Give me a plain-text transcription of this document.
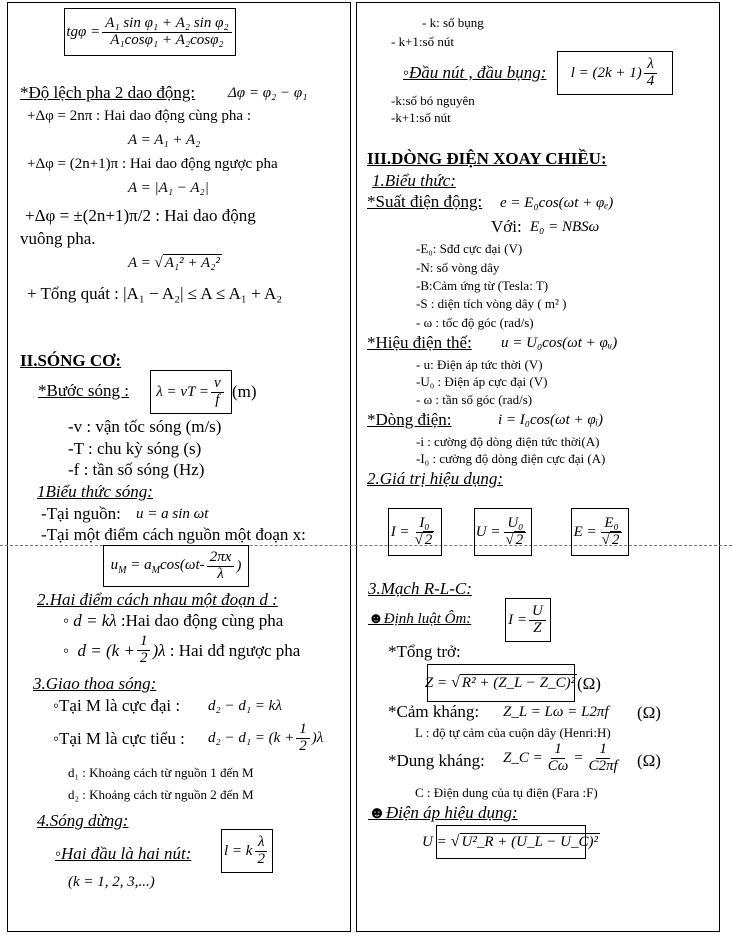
$tg\varphi = \frac{\text{A₁ sin φ₁ + A₂ sin φ₂}}{\text{A₁cosφ₁ + A₂cosφ₂}}$
*Độ lệch pha 2 dao động: Δφ = φ₂ − φ₁
+Δφ = 2nπ : Hai dao động cùng pha :
A = A₁ + A₂
+Δφ = (2n+1)π : Hai dao động ngược pha
A = |A₁ − A₂|
+Δφ = ±(2n+1)π/2 : Hai dao động
vuông pha.
A = √ A₁² + A₂²
+ Tổng quát : |A₁ − A₂| ≤ A ≤ A₁ + A₂
II.SÓNG CƠ:
*Bước sóng : λ = vT = $\frac{v}{f} (m)$
-v : vận tốc sóng (m/s)
-T : chu kỳ sóng (s)
-f : tần số sóng (Hz)
1Biểu thức sóng:
-Tại nguồn: u = a sin ωt
-Tại một điểm cách nguồn một đoạn x:
$u_M = a_M\cos(\omega t- \frac{2\pi x}{\lambda}$ )
2.Hai điểm cách nhau một đoạn d :
◦ d = kλ :Hai dao động cùng pha
◦ $d = (k + \frac{1}{2} )\lambda$
: Hai dđ ngược pha
3.Giao thoa sóng:
◦Tại M là cực đại : d₂ − d₁ = kλ
◦Tại M là cực tiểu : $d_2 - d_1 = (k + \frac{1}{2} )\lambda$
d₁ : Khoảng cách từ nguồn 1 đến M
d₂ : Khoảng cách từ nguồn 2 đến M
4.Sóng dừng:
◦Hai đầu là hai nút: l = k $\frac{\lambda}{2}$
(k = 1, 2, 3,...)
- k: số bụng
- k+1:số nút
◦Đầu nút , đầu bụng: $l = (2k + 1) \frac{\lambda}{4}$
-k:số bó nguyên
-k+1:số nút
III.DÒNG ĐIỆN XOAY CHIỀU:
1.Biểu thức:
*Suất điện động: e = E₀cos(ωt + φₑ)
Với: E₀ = NBSω
-E₀: Sđđ cực đại (V)
-N: số vòng dây
-B:Cảm ứng từ (Tesla: T)
-S : diện tích vòng dây ( m² )
- ω : tốc độ góc (rad/s)
*Hiệu điện thế: u = U₀cos(ωt + φᵤ)
- u: Điện áp tức thời (V)
-U₀ : Điện áp cực đại (V)
- ω : tần số góc (rad/s)
*Dòng điện:	i = I₀cos(ωt + φᵢ)
-i : cường độ dòng điện tức thời(A)
-I₀ : cường độ dòng điện cực đại (A)
2.Giá trị hiệu dụng:
$I = \frac{\text{I₀}}{√ 2}$	$U = \frac{\text{U₀}}{√ 2}$	$E = \frac{\text{E₀}}{√ 2}$
3.Mạch R-L-C:
☻Định luật Ôm: $I = \frac{U}{Z}$
*Tổng trở:
Z = √ R² + (Z_L − Z_C)² (Ω)
*Cảm kháng: Z_L = Lω = L2πf (Ω)
L : độ tự cảm của cuộn dây (Henri:H)
*Dung kháng: Z_C = $\frac{1}{C\omega} = \frac{1}{C2\pi f} (\Omega)$
C : Điện dung của tụ điện (Fara :F)
☻Điện áp hiệu dụng:
U = √ U²_R + (U_L − U_C)²
